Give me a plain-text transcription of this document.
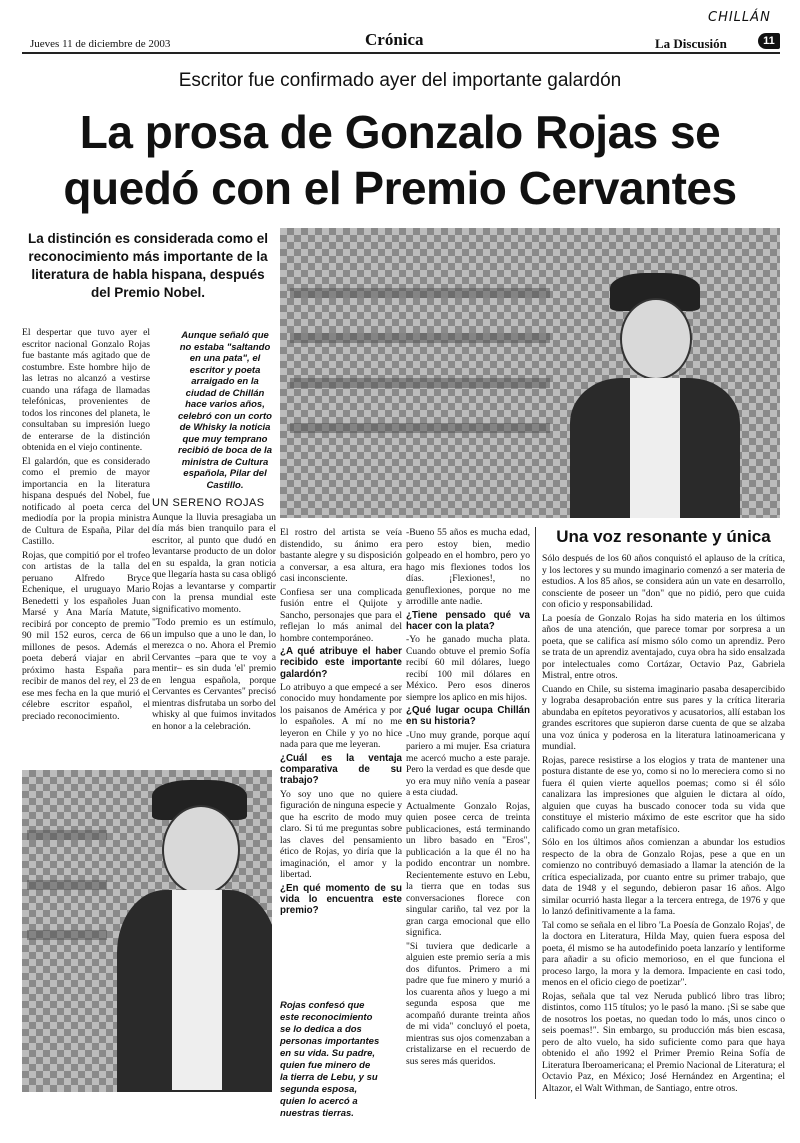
Jueves 11 de diciembre de 2003	Crónica	La Discusión
CHILLÁN
11
Escritor fue confirmado ayer del importante galardón
La prosa de Gonzalo Rojas se quedó con el Premio Cervantes
La distinción es considerada como el reconocimiento más importante de la literatura de habla hispana, después del Premio Nobel.
Aunque señaló que no estaba "saltando en una pata", el escritor y poeta arraigado en la ciudad de Chillán hace varios años, celebró con un corto de Whisky la noticia que muy temprano recibió de boca de la ministra de Cultura española, Pilar del Castillo.
Rojas confesó que este reconocimiento se lo dedica a dos personas importantes en su vida. Su padre, quien fue minero de la tierra de Lebu, y su segunda esposa, quien lo acercó a nuestras tierras.

El despertar que tuvo ayer el escritor nacional Gonzalo Rojas fue bastante más agitado que de costumbre. Este hombre hijo de las letras no alcanzó a vestirse cuando una ráfaga de llamadas telefónicas, provenientes de todos los rincones del planeta, le consultaban su impresión luego de enterarse de la distinción obtenida en el viejo continente.

El galardón, que es considerado como el premio de mayor importancia en la literatura hispana después del Nobel, fue notificado al poeta cerca del mediodía por la propia ministra de Cultura de España, Pilar del Castillo.

Rojas, que compitió por el trofeo con artistas de la talla del peruano Alfredo Bryce Echenique, el uruguayo Mario Benedetti y los españoles Juan Marsé y Ana María Matute, recibirá por concepto de premio 90 mil 152 euros, cerca de 66 millones de pesos. Además el poeta deberá viajar en abril próximo hasta España para recibir de manos del rey, el 23 de ese mes fecha en la que murió el célebre escritor español, el preciado reconocimiento.

UN SERENO ROJAS

Aunque la lluvia presagiaba un día más bien tranquilo para el escritor, al punto que dudó en levantarse producto de un dolor en su espalda, la gran noticia que llegaría hasta su casa obligó Rojas a levantarse y compartir con la prensa mundial este significativo momento.

"Todo premio es un estímulo, un impulso que a uno le dan, lo merezca o no. Ahora el Premio Cervantes –para que te voy a mentir– es sin duda 'el' premio en lengua española, porque Cervantes es Cervantes" precisó mientras disfrutaba un sorbo del whisky al que fuimos invitados en honor a la celebración.

El rostro del artista se veía distendido, su ánimo era bastante alegre y su disposición a conversar, a esa altura, era casi inconsciente.

Confiesa ser una complicada fusión entre el Quijote y Sancho, personajes que para el reflejan lo más animal del hombre contemporáneo.

¿A qué atribuye el haber recibido este importante galardón?

Lo atribuyo a que empecé a ser conocido muy hondamente por los paisanos de América y por lo españoles. A mí no me leyeron en Chile y yo no hice nada para que me leyeran.

¿Cuál es la ventaja comparativa de su trabajo?

Yo soy uno que no quiere figuración de ninguna especie y que ha escrito de modo muy claro. Si tú me preguntas sobre las claves del pensamiento ético de Rojas, yo diría que la imaginación, el amor y la libertad.

¿En qué momento de su vida lo encuentra este premio?

-Bueno 55 años es mucha edad, pero estoy bien, medio golpeado en el hombro, pero yo hago mis flexiones todos los días. ¡Flexiones!, no genuflexiones, porque no me arrodille ante nadie.

¿Tiene pensado qué va hacer con la plata?

-Yo he ganado mucha plata. Cuando obtuve el premio Sofía recibí 60 mil dólares, luego recibí 100 mil dólares en México. Pero esos dineros siempre los aplico en mis hijos.

¿Qué lugar ocupa Chillán en su historia?

-Uno muy grande, porque aquí pariero a mi mujer. Esa criatura me acercó mucho a este paraje. Pero la verdad es que desde que yo era muy niño venía a pasear a esta ciudad.

Actualmente Gonzalo Rojas, quien posee cerca de treinta publicaciones, está terminando un libro basado en "Eros", publicación a la que él no ha podido encontrar un nombre. Recientemente estuvo en Lebu, la tierra que en todas sus conversaciones florece con singular cariño, tal vez por la gran carga emocional que ello significa.

"Si tuviera que dedicarle a alguien este premio sería a mis dos difuntos. Primero a mi padre que fue minero y murió a los cuarenta años y luego a mi segunda esposa que me acompañó durante treinta años de mi vida" concluyó el poeta, mientras sus ojos comenzaban a cristalizarse en el recuerdo de sus seres más queridos.

Una voz resonante y única

Sólo después de los 60 años conquistó el aplauso de la crítica, y los lectores y su mundo imaginario comenzó a ser materia de estudios. A los 85 años, se considera aún un vate en desarrollo, consciente de poseer un "don" que no pidió, pero que cuida con oficio y responsabilidad.

La poesía de Gonzalo Rojas ha sido materia en los últimos años de una atención, que parece tomar por sorpresa a un poeta, que se califica así mismo sólo como un aprendiz. Pero se trata de un aprendiz aventajado, cuya obra ha sido ensalzada por intelectuales como Cortázar, Octavio Paz, Gabriela Mistral, entre otros.

Cuando en Chile, su sistema imaginario pasaba desapercibido y lograba desaprobación entre sus pares y la crítica literaria abundaba en epítetos peyorativos y acusatorios, allí estaban los grandes escritores que supieron darse cuenta de que se alzaba una voz única y poderosa en la literatura latinoamericana y mundial.

Rojas, parece resistirse a los elogios y trata de mantener una postura distante de ese yo, como si no lo mereciera como si no fuera él quien vierte aquellos poemas; como si él sólo canalizara las impresiones que alguien le dictara al oído, alguien que cuyas ha buscado conocer toda su vida que constituye el misterio máximo de este escritor que ha sido calificado como un gran metafísico.

Sólo en los últimos años comienzan a abundar los estudios respecto de la obra de Gonzalo Rojas, pese a que en un comienzo no contribuyó demasiado a llamar la atención de la crítica especializada, por cuanto entre su primer trabajo, que data de 1948 y el segundo, debieron pasar 16 años. Algo similar ocurrió hasta llegar a la tercera entrega, de 1976 y que lo lanzó definitivamente a la fama.

Tal como se señala en el libro 'La Poesía de Gonzalo Rojas', de la doctora en Literatura, Hilda May, quien fuera esposa del poeta, él mismo se ha autodefinido poeta lanzarío y lentiforme para añadir a su oficio memorioso, en el que funciona el proceso largo, la mora y la demora. Impaciente en casi todo, menos en el oficio ciego de poetizar".

Rojas, señala que tal vez Neruda publicó libro tras libro; distintos, como 115 títulos; yo le pasó la mano. ¡Si se sabe que de nosotros los poetas, no quedan todo lo más, unos cinco o seis poemas!". Sin embargo, su producción más bien escasa, pero de alto vuelo, ha sido suficiente como para que haya obtenido el año 1992 el Primer Premio Reina Sofía de Literatura Iberoamericana; el Premio Nacional de Literatura; el Octavio Paz, en México; José Hernández en Argentina; el Altazor, el Walt Withman, de Santiago, entre otros.
